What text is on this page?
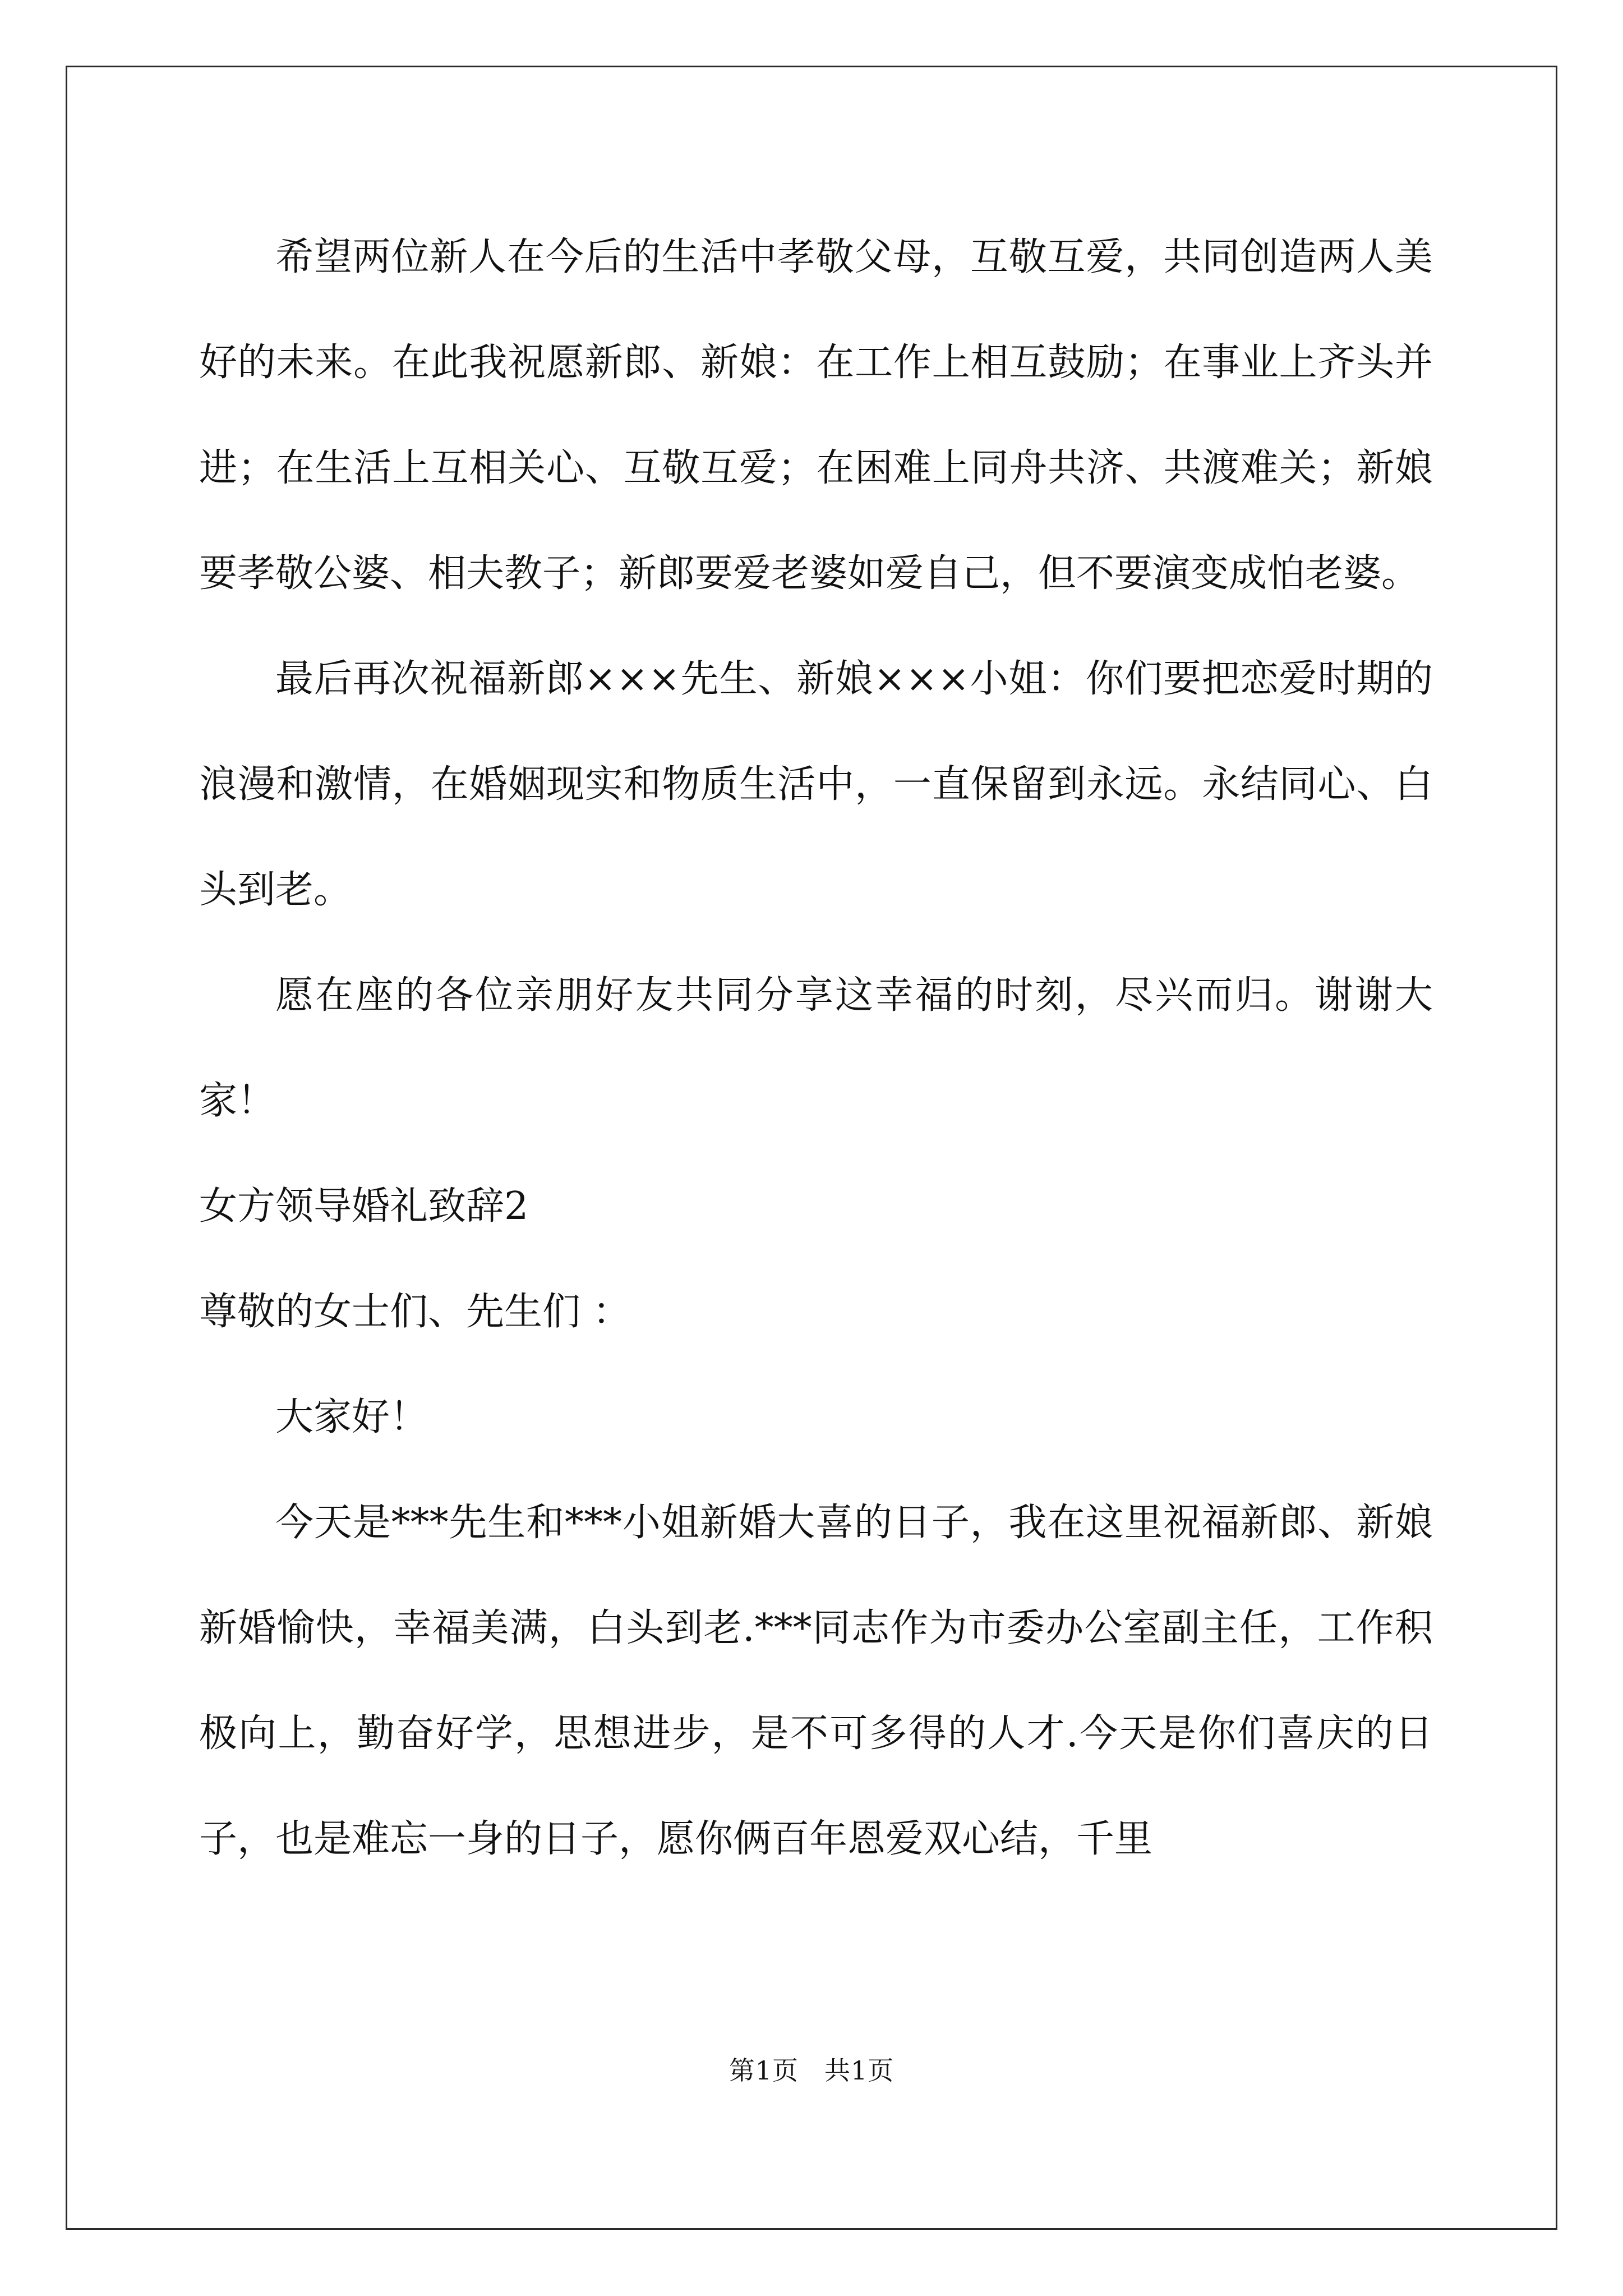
希望两位新人在今后的生活中孝敬父母，互敬互爱，共同创造两人美好的未来。在此我祝愿新郎、新娘：在工作上相互鼓励；在事业上齐头并进；在生活上互相关心、互敬互爱；在困难上同舟共济、共渡难关；新娘要孝敬公婆、相夫教子；新郎要爱老婆如爱自己，但不要演变成怕老婆。

最后再次祝福新郎×××先生、新娘×××小姐：你们要把恋爱时期的浪漫和激情，在婚姻现实和物质生活中，一直保留到永远。永结同心、白头到老。

愿在座的各位亲朋好友共同分享这幸福的时刻，尽兴而归。谢谢大家！

女方领导婚礼致辞2

尊敬的女士们、先生们 ：

大家好！

今天是***先生和***小姐新婚大喜的日子，我在这里祝福新郎、新娘新婚愉快，幸福美满，白头到老.***同志作为市委办公室副主任，工作积极向上，勤奋好学，思想进步，是不可多得的人才.今天是你们喜庆的日子，也是难忘一身的日子，愿你俩百年恩爱双心结，千里

第1页 共1页
